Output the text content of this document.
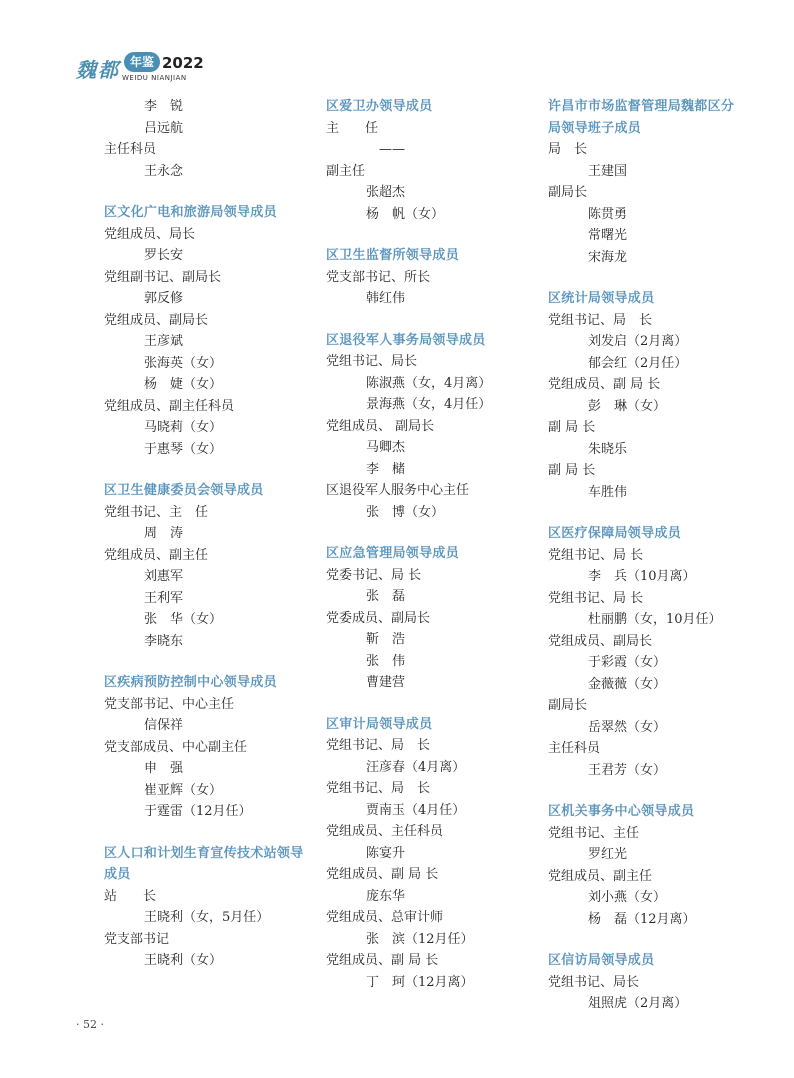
魏都 年鉴 2022
WEIDU NIANJIAN
李　锐
吕远航
主任科员
王永念
区文化广电和旅游局领导成员
党组成员、局长
罗长安
党组副书记、副局长
郭反修
党组成员、副局长
王彦斌
张海英（女）
杨　婕（女）
党组成员、副主任科员
马晓莉（女）
于惠琴（女）
区卫生健康委员会领导成员
党组书记、主　任
周　涛
党组成员、副主任
刘惠军
王利军
张　华（女）
李晓东
区疾病预防控制中心领导成员
党支部书记、中心主任
信保祥
党支部成员、中心副主任
申　强
崔亚辉（女）
于霆雷（12月任）
区人口和计划生育宣传技术站领导成员
站　　长
王晓利（女，5月任）
党支部书记
王晓利（女）
区爱卫办领导成员
主　　任
　——
副主任
张超杰
杨　帆（女）
区卫生监督所领导成员
党支部书记、所长
韩红伟
区退役军人事务局领导成员
党组书记、局长
陈淑燕（女，4月离）
景海燕（女，4月任）
党组成员、 副局长
马卿杰
李　槠
区退役军人服务中心主任
张　博（女）
区应急管理局领导成员
党委书记、局 长
张　磊
党委成员、副局长
靳　浩
张　伟
曹建营
区审计局领导成员
党组书记、局　长
汪彦春（4月离）
党组书记、局　长
贾南玉（4月任）
党组成员、主任科员
陈宴升
党组成员、副 局 长
庞东华
党组成员、总审计师
张　滨（12月任）
党组成员、副 局 长
丁　珂（12月离）
许昌市市场监督管理局魏都区分局领导班子成员
局　长
王建国
副局长
陈贯勇
常曙光
宋海龙
区统计局领导成员
党组书记、局　长
刘发启（2月离）
郁会红（2月任）
党组成员、副 局 长
彭　琳（女）
副 局 长
朱晓乐
副 局 长
车胜伟
区医疗保障局领导成员
党组书记、局 长
李　兵（10月离）
党组书记、局 长
杜丽鹏（女，10月任）
党组成员、副局长
于彩霞（女）
金薇薇（女）
副局长
岳翠然（女）
主任科员
王君芳（女）
区机关事务中心领导成员
党组书记、主任
罗红光
党组成员、副主任
刘小燕（女）
杨　磊（12月离）
区信访局领导成员
党组书记、局长
俎照虎（2月离）
· 52 ·
